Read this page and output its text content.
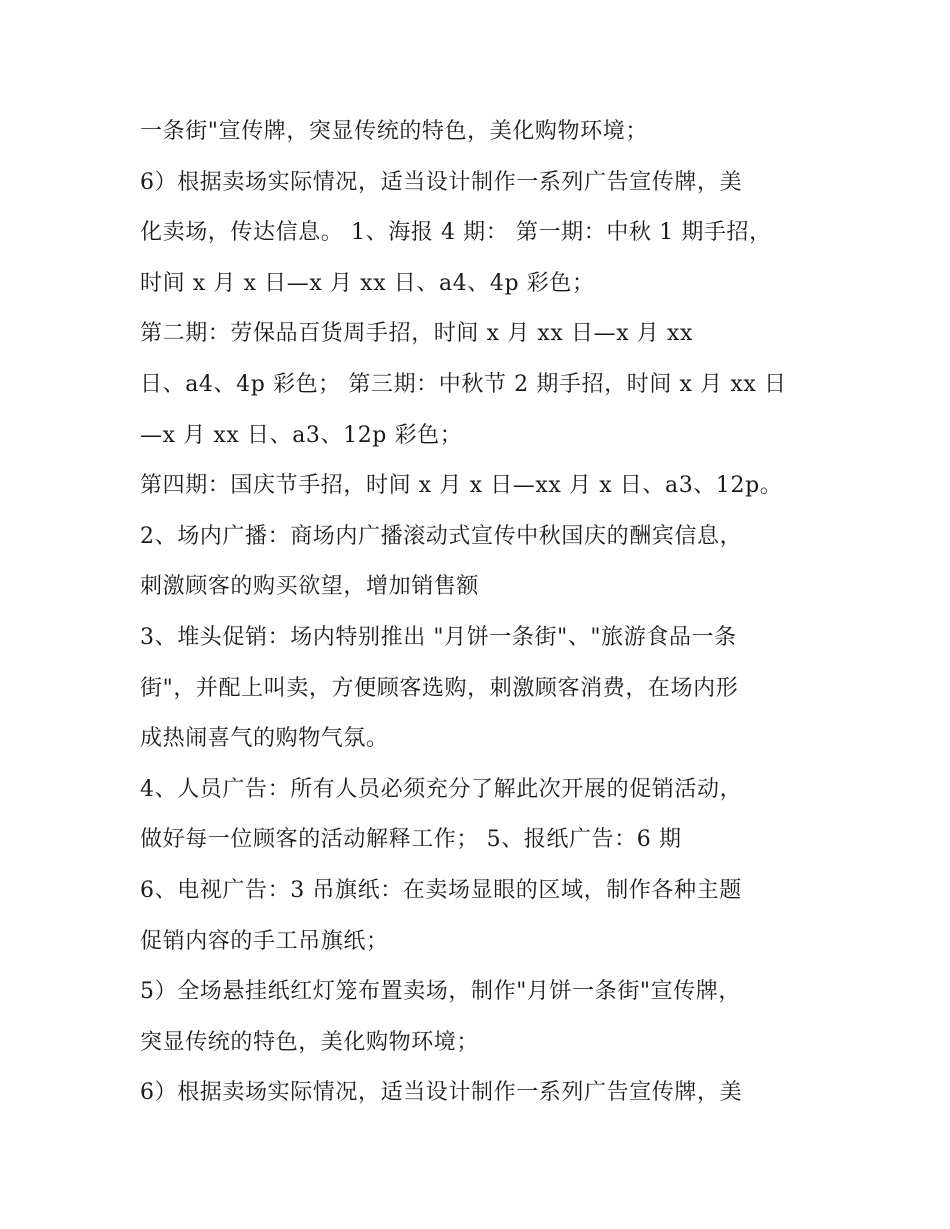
一条街"宣传牌，突显传统的特色，美化购物环境；

6）根据卖场实际情况，适当设计制作一系列广告宣传牌，美

化卖场，传达信息。 1、海报 4 期： 第一期：中秋 1 期手招，

时间 x 月 x 日—x 月 xx 日、a4、4p 彩色；

第二期：劳保品百货周手招，时间 x 月 xx 日—x 月 xx

日、a4、4p 彩色； 第三期：中秋节 2 期手招，时间 x 月 xx 日

—x 月 xx 日、a3、12p 彩色；

第四期：国庆节手招，时间 x 月 x 日—xx 月 x 日、a3、12p。

2、场内广播：商场内广播滚动式宣传中秋国庆的酬宾信息，

刺激顾客的购买欲望，增加销售额

3、堆头促销：场内特别推出 "月饼一条街"、"旅游食品一条

街"，并配上叫卖，方便顾客选购，刺激顾客消费，在场内形

成热闹喜气的购物气氛。

4、人员广告：所有人员必须充分了解此次开展的促销活动，

做好每一位顾客的活动解释工作； 5、报纸广告：6 期

6、电视广告：3 吊旗纸：在卖场显眼的区域，制作各种主题

促销内容的手工吊旗纸；

5）全场悬挂纸红灯笼布置卖场，制作"月饼一条街"宣传牌，

突显传统的特色，美化购物环境；

6）根据卖场实际情况，适当设计制作一系列广告宣传牌，美
